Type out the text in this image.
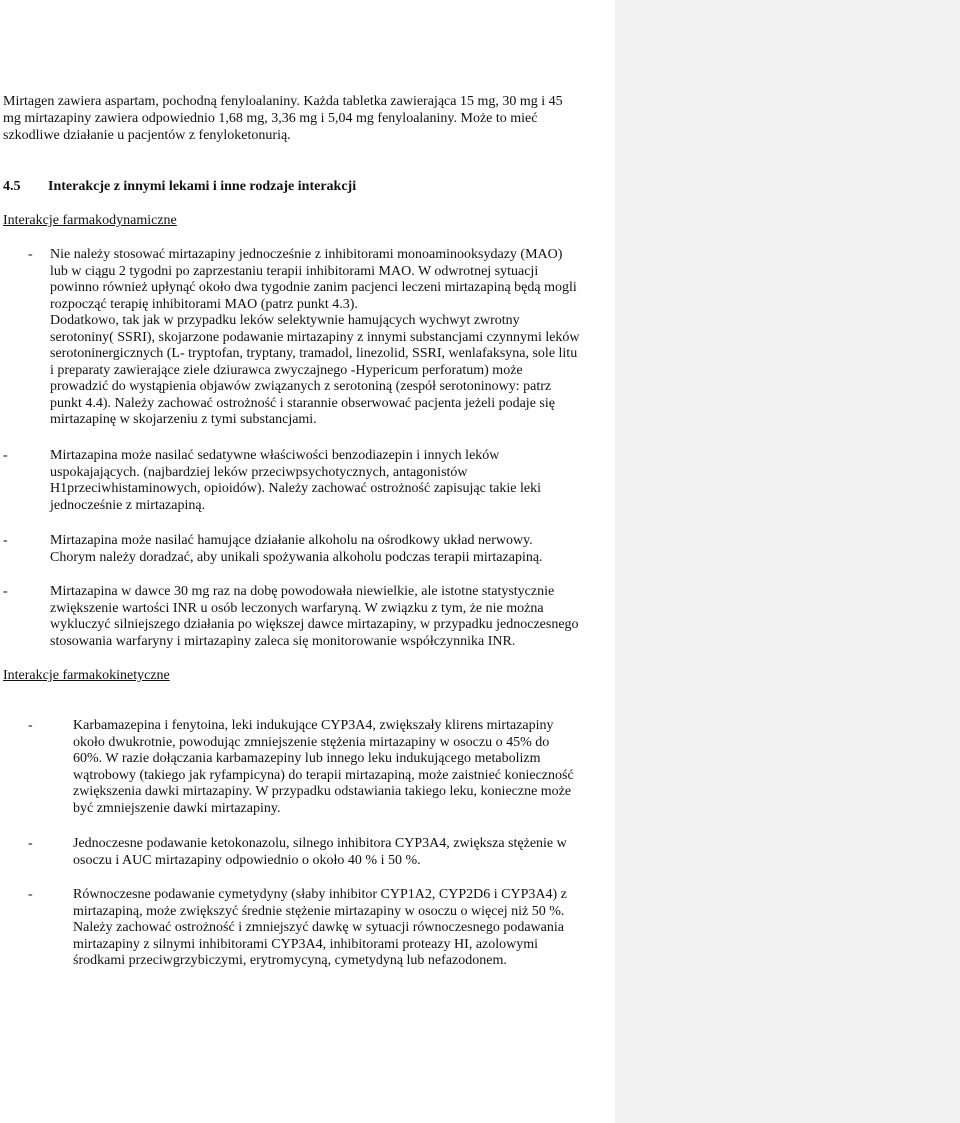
Mirtagen zawiera aspartam, pochodną fenyloalaniny. Każda tabletka zawierająca 15 mg, 30 mg i 45
mg mirtazapiny zawiera odpowiednio 1,68 mg, 3,36 mg i 5,04 mg fenyloalaniny. Może to mieć
szkodliwe działanie u pacjentów z fenyloketonurią.
4.5 Interakcje z innymi lekami i inne rodzaje interakcji
Interakcje farmakodynamiczne
- Nie należy stosować mirtazapiny jednocześnie z inhibitorami monoaminooksydazy (MAO)
lub w ciągu 2 tygodni po zaprzestaniu terapii inhibitorami MAO. W odwrotnej sytuacji
powinno również upłynąć około dwa tygodnie zanim pacjenci leczeni mirtazapiną będą mogli
rozpocząć terapię inhibitorami MAO (patrz punkt 4.3).
Dodatkowo, tak jak w przypadku leków selektywnie hamujących wychwyt zwrotny
serotoniny( SSRI), skojarzone podawanie mirtazapiny z innymi substancjami czynnymi leków
serotoninergicznych (L- tryptofan, tryptany, tramadol, linezolid, SSRI, wenlafaksyna, sole litu
i preparaty zawierające ziele dziurawca zwyczajnego -Hypericum perforatum) może
prowadzić do wystąpienia objawów związanych z serotoniną (zespół serotoninowy: patrz
punkt 4.4). Należy zachować ostrożność i starannie obserwować pacjenta jeżeli podaje się
mirtazapinę w skojarzeniu z tymi substancjami.
-	Mirtazapina może nasilać sedatywne właściwości benzodiazepin i innych leków
uspokajających. (najbardziej leków przeciwpsychotycznych, antagonistów
H1przeciwhistaminowych, opioidów). Należy zachować ostrożność zapisując takie leki
jednocześnie z mirtazapiną.
-	Mirtazapina może nasilać hamujące działanie alkoholu na ośrodkowy układ nerwowy.
Chorym należy doradzać, aby unikali spożywania alkoholu podczas terapii mirtazapiną.
-	Mirtazapina w dawce 30 mg raz na dobę powodowała niewielkie, ale istotne statystycznie
zwiększenie wartości INR u osób leczonych warfaryną. W związku z tym, że nie można
wykluczyć silniejszego działania po większej dawce mirtazapiny, w przypadku jednoczesnego
stosowania warfaryny i mirtazapiny zaleca się monitorowanie współczynnika INR.
Interakcje farmakokinetyczne
-	Karbamazepina i fenytoina, leki indukujące CYP3A4, zwiększały klirens mirtazapiny
około dwukrotnie, powodując zmniejszenie stężenia mirtazapiny w osoczu o 45% do
60%. W razie dołączania karbamazepiny lub innego leku indukującego metabolizm
wątrobowy (takiego jak ryfampicyna) do terapii mirtazapiną, może zaistnieć konieczność
zwiększenia dawki mirtazapiny. W przypadku odstawiania takiego leku, konieczne może
być zmniejszenie dawki mirtazapiny.
-	Jednoczesne podawanie ketokonazolu, silnego inhibitora CYP3A4, zwiększa stężenie w
osoczu i AUC mirtazapiny odpowiednio o około 40 % i 50 %.
-	Równoczesne podawanie cymetydyny (słaby inhibitor CYP1A2, CYP2D6 i CYP3A4) z
mirtazapiną, może zwiększyć średnie stężenie mirtazapiny w osoczu o więcej niż 50 %.
Należy zachować ostrożność i zmniejszyć dawkę w sytuacji równoczesnego podawania
mirtazapiny z silnymi inhibitorami CYP3A4, inhibitorami proteazy HI, azolowymi
środkami przeciwgrzybiczymi, erytromycyną, cymetydyną lub nefazodonem.
